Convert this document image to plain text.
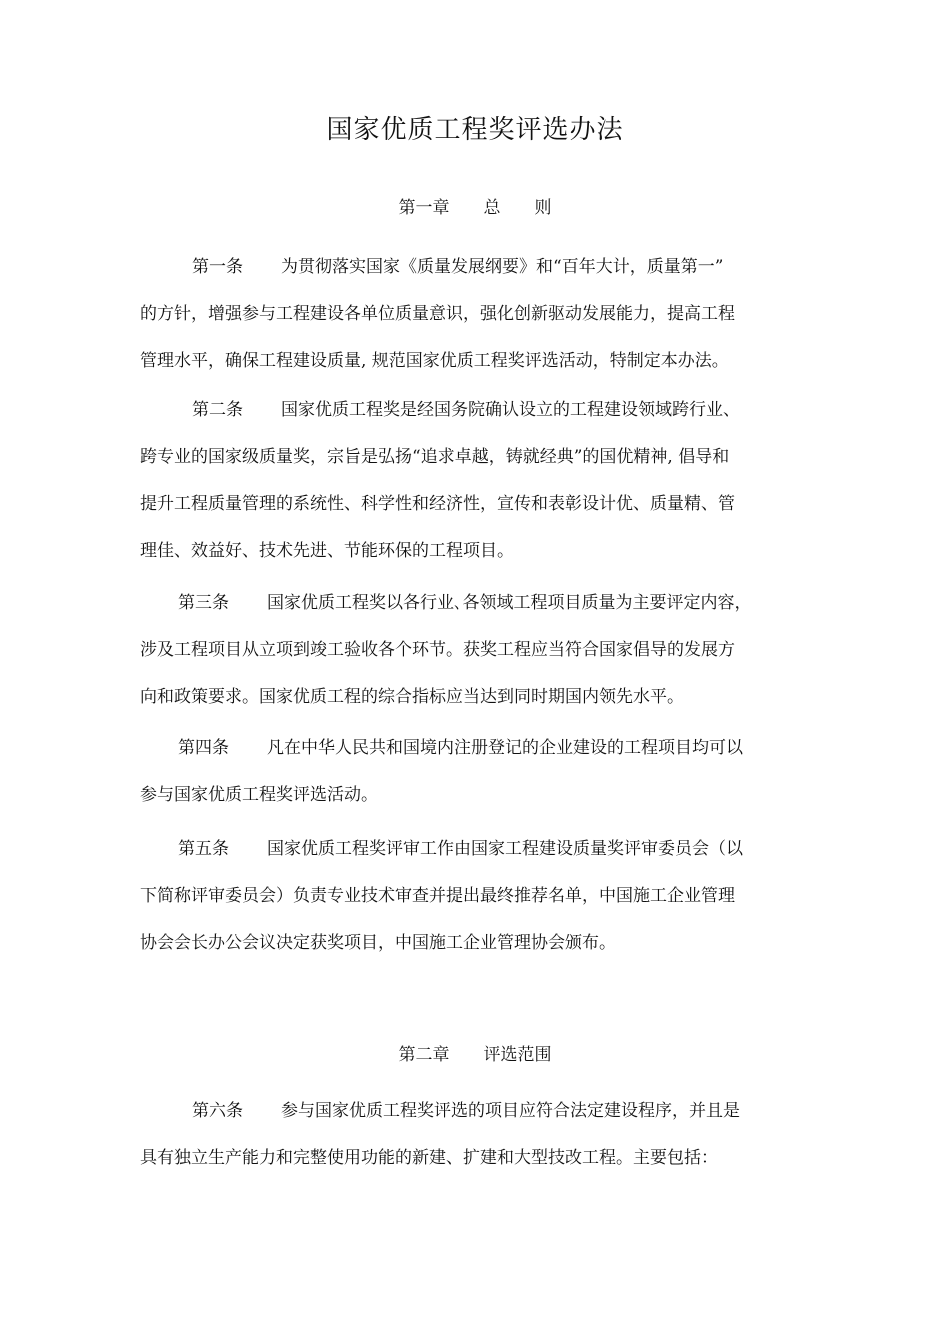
国家优质工程奖评选办法
第一章 总 则
第一条 为贯彻落实国家《质量发展纲要》和“百年大计，质量第一”
的方针，增强参与工程建设各单位质量意识，强化创新驱动发展能力，提高工程
管理水平，确保工程建设质量, 规范国家优质工程奖评选活动，特制定本办法。
第二条 国家优质工程奖是经国务院确认设立的工程建设领域跨行业、
跨专业的国家级质量奖，宗旨是弘扬“追求卓越，铸就经典”的国优精神, 倡导和
提升工程质量管理的系统性、科学性和经济性，宣传和表彰设计优、质量精、管
理佳、效益好、技术先进、节能环保的工程项目。
第三条 国家优质工程奖以各行业､各领域工程项目质量为主要评定内容，
涉及工程项目从立项到竣工验收各个环节。获奖工程应当符合国家倡导的发展方
向和政策要求。国家优质工程的综合指标应当达到同时期国内领先水平。
第四条 凡在中华人民共和国境内注册登记的企业建设的工程项目均可以
参与国家优质工程奖评选活动。
第五条 国家优质工程奖评审工作由国家工程建设质量奖评审委员会（以
下简称评审委员会）负责专业技术审查并提出最终推荐名单，中国施工企业管理
协会会长办公会议决定获奖项目，中国施工企业管理协会颁布。
第二章 评选范围
第六条 参与国家优质工程奖评选的项目应符合法定建设程序，并且是
具有独立生产能力和完整使用功能的新建、扩建和大型技改工程。主要包括：
